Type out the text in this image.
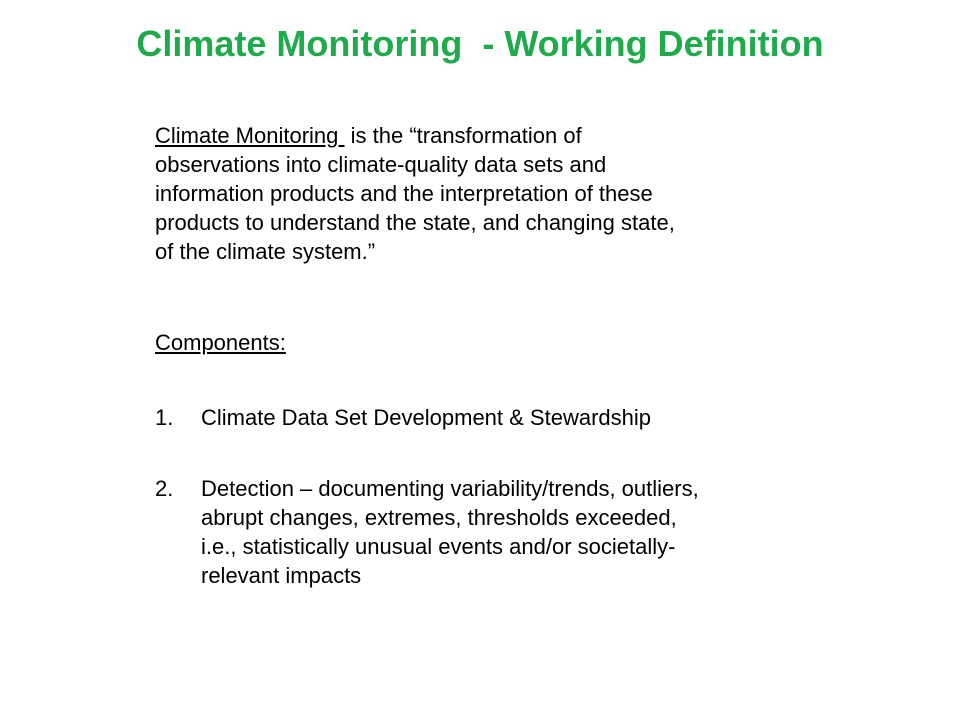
Climate Monitoring  - Working Definition
Climate Monitoring  is the “transformation of
observations into climate-quality data sets and
information products and the interpretation of these
products to understand the state, and changing state,
of the climate system.”
Components:
1.	Climate Data Set Development & Stewardship
2.	Detection – documenting variability/trends, outliers,
abrupt changes, extremes, thresholds exceeded,
i.e., statistically unusual events and/or societally-
relevant impacts
